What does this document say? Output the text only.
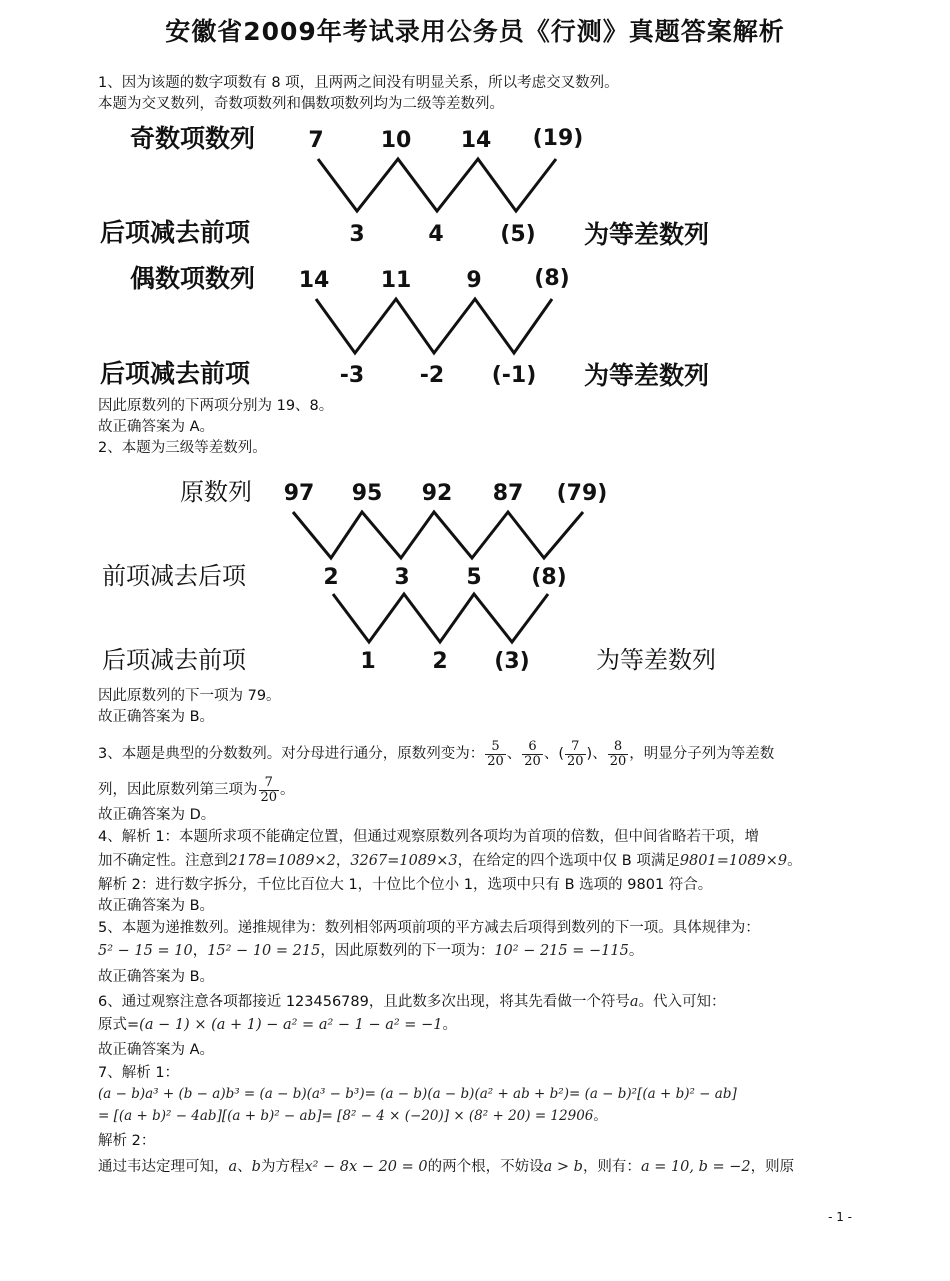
安徽省2009年考试录用公务员《行测》真题答案解析
1、因为该题的数字项数有 8 项，且两两之间没有明显关系，所以考虑交叉数列。
本题为交叉数列，奇数项数列和偶数项数列均为二级等差数列。
奇数项数列 7	10 14 (19)
后项减去前项	3	4	(5) 为等差数列
偶数项数列 14 11	9 (8)
后项减去前项	-3	-2 (-1) 为等差数列
因此原数列的下两项分别为 19、8。
故正确答案为 A。
2、本题为三级等差数列。
原数列 97 95 92 87 (79)
前项减去后项	2	3	5 (8)
后项减去前项	1	2 (3)	为等差数列
因此原数列的下一项为 79。
故正确答案为 B。
3、本题是典型的分数数列。对分母进行通分，原数列变为： $\frac{5}{20}$ 、 $\frac{6}{20}$ 、( $\frac{7}{20}$ )、 $\frac{8}{20}$ ，明显分子列为等差数
列，因此原数列第三项为 $\frac{7}{20}$ 。
故正确答案为 D。
4、解析 1：本题所求项不能确定位置，但通过观察原数列各项均为首项的倍数，但中间省略若干项，增
加不确定性。注意到2178=1089×2，3267=1089×3，在给定的四个选项中仅 B 项满足9801=1089×9。
解析 2：进行数字拆分，千位比百位大 1，十位比个位小 1，选项中只有 B 选项的 9801 符合。
故正确答案为 B。
5、本题为递推数列。递推规律为：数列相邻两项前项的平方减去后项得到数列的下一项。具体规律为：
5² − 15 = 10，15² − 10 = 215，因此原数列的下一项为：10² − 215 = −115。
故正确答案为 B。
6、通过观察注意各项都接近 123456789，且此数多次出现，将其先看做一个符号a。代入可知：
原式=(a − 1) × (a + 1) − a² = a² − 1 − a² = −1。
故正确答案为 A。
7、解析 1：
(a − b)a³ + (b − a)b³ = (a − b)(a³ − b³)= (a − b)(a − b)(a² + ab + b²)= (a − b)²[(a + b)² − ab]
= [(a + b)² − 4ab][(a + b)² − ab]= [8² − 4 × (−20)] × (8² + 20) = 12906。
解析 2：
通过韦达定理可知，a、b为方程x² − 8x − 20 = 0的两个根，不妨设a > b，则有：a = 10, b = −2，则原
- 1 -
